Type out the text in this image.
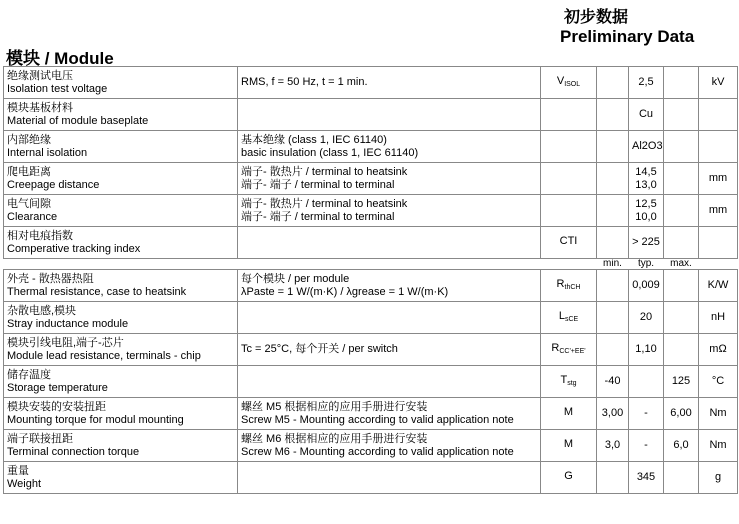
初步数据
Preliminary Data
模块 / Module
绝缘测试电压
Isolation test voltage	RMS, f = 50 Hz, t = 1 min.	VISOL		2,5		kV
模块基板材料
Material of module baseplate				Cu		
内部绝缘
Internal isolation	基本绝缘 (class 1, IEC 61140)
basic insulation (class 1, IEC 61140)			Al2O3		
爬电距离
Creepage distance	端子- 散热片 / terminal to heatsink
端子- 端子 / terminal to terminal			14,5
13,0		mm
电气间隙
Clearance	端子- 散热片 / terminal to heatsink
端子- 端子 / terminal to terminal			12,5
10,0		mm
相对电痕指数
Comperative tracking index		CTI		> 225		
			min.	typ.	max.	
外壳 - 散热器热阻
Thermal resistance, case to heatsink	每个模块 / per module
λPaste = 1 W/(m·K) / λgrease = 1 W/(m·K)	RthCH		0,009		K/W
杂散电感,模块
Stray inductance module		LsCE		20		nH
模块引线电阻,端子-芯片
Module lead resistance, terminals - chip	Tc = 25°C, 每个开关 / per switch	RCC'+EE'		1,10		mΩ
储存温度
Storage temperature		Tstg	-40		125	°C
模块安装的安装扭距
Mounting torque for modul mounting	螺丝 M5 根据相应的应用手册进行安装
Screw M5 - Mounting according to valid application note	M	3,00	-	6,00	Nm
端子联接扭距
Terminal connection torque	螺丝 M6 根据相应的应用手册进行安装
Screw M6 - Mounting according to valid application note	M	3,0	-	6,0	Nm
重量
Weight		G		345		g
